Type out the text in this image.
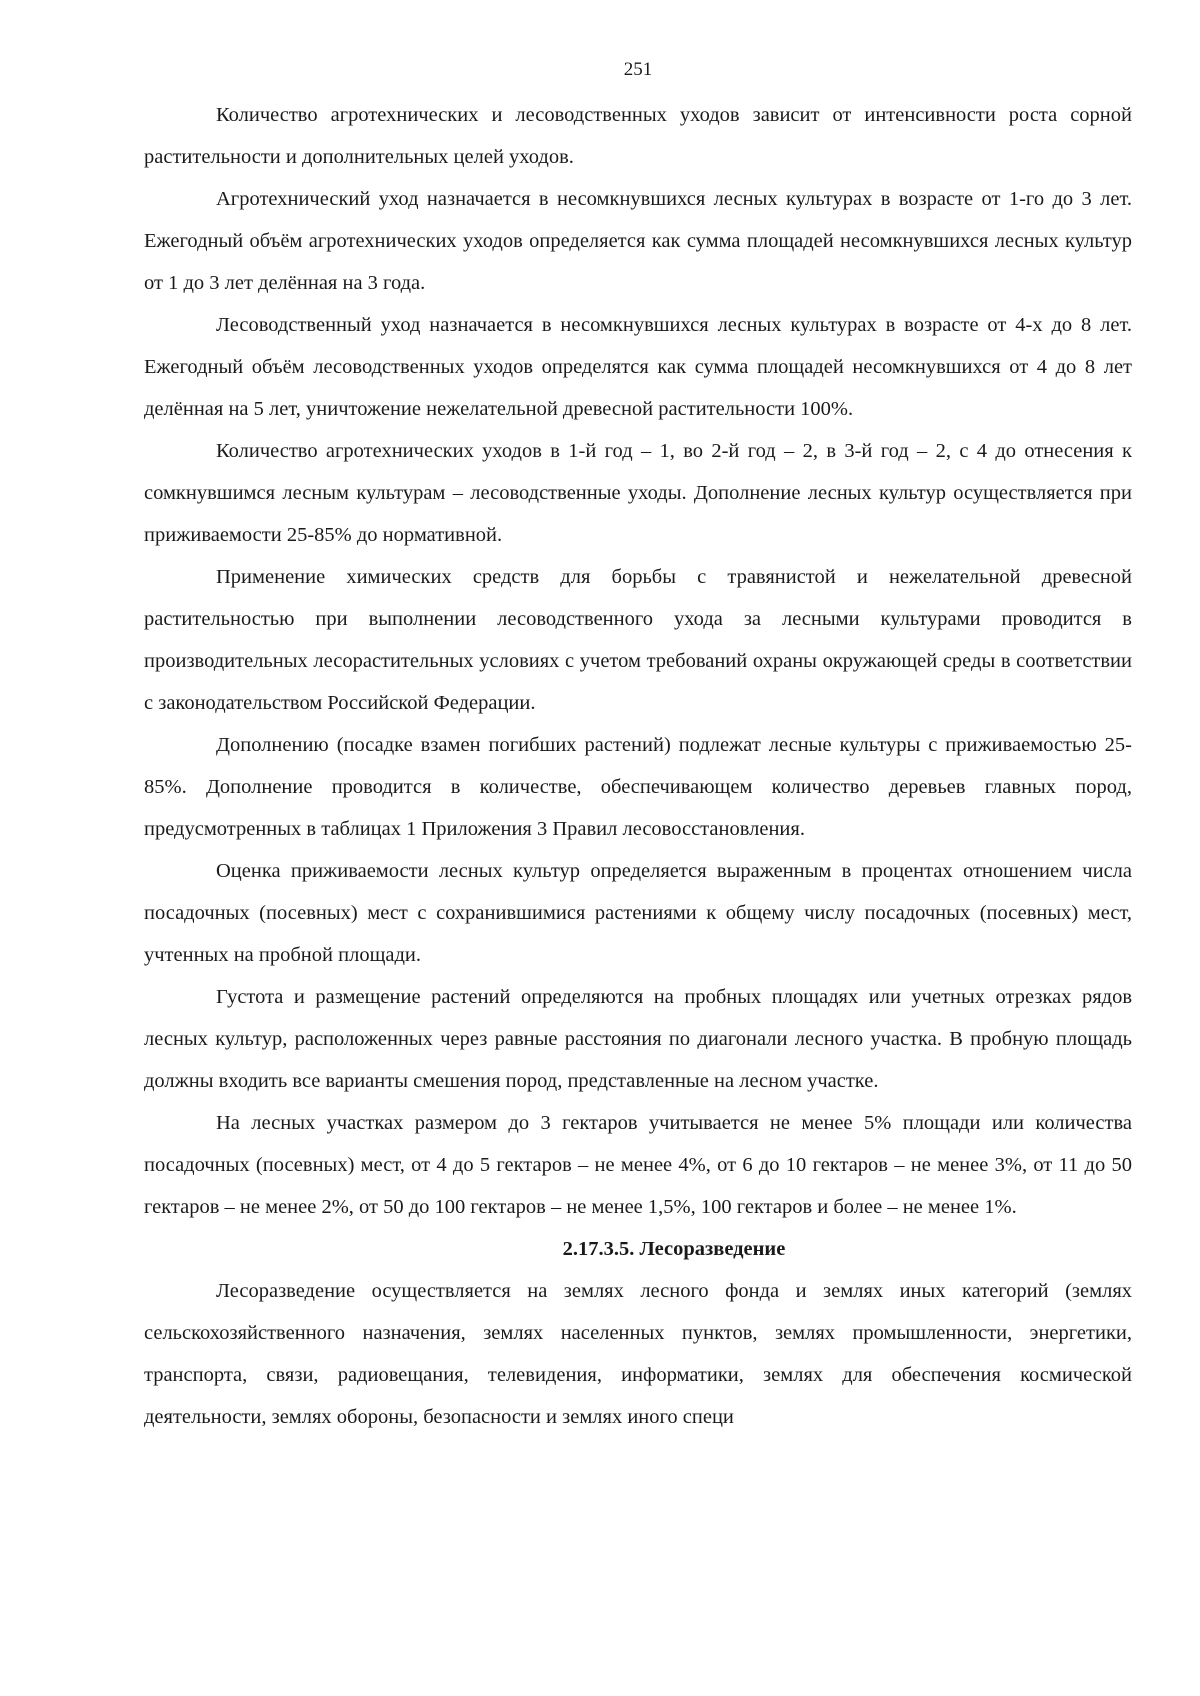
251

Количество агротехнических и лесоводственных уходов зависит от интенсивности роста сорной растительности и дополнительных целей уходов.

Агротехнический уход назначается в несомкнувшихся лесных культурах в возрасте от 1-го до 3 лет. Ежегодный объём агротехнических уходов определяется как сумма площадей несомкнувшихся лесных культур от 1 до 3 лет делённая на 3 года.

Лесоводственный уход назначается в несомкнувшихся лесных культурах в возрасте от 4-х до 8 лет. Ежегодный объём лесоводственных уходов определятся как сумма площадей несомкнувшихся от 4 до 8 лет делённая на 5 лет, уничтожение нежелательной древесной растительности 100%.

Количество агротехнических уходов в 1-й год – 1, во 2-й год – 2, в 3-й год – 2, с 4 до отнесения к сомкнувшимся лесным культурам – лесоводственные уходы. Дополнение лесных культур осуществляется при приживаемости 25-85% до нормативной.

Применение химических средств для борьбы с травянистой и нежелательной древесной растительностью при выполнении лесоводственного ухода за лесными культурами проводится в производительных лесорастительных условиях с учетом требований охраны окружающей среды в соответствии с законодательством Российской Федерации.

Дополнению (посадке взамен погибших растений) подлежат лесные культуры с приживаемостью 25-85%. Дополнение проводится в количестве, обеспечивающем количество деревьев главных пород, предусмотренных в таблицах 1 Приложения 3 Правил лесовосстановления.

Оценка приживаемости лесных культур определяется выраженным в процентах отношением числа посадочных (посевных) мест с сохранившимися растениями к общему числу посадочных (посевных) мест, учтенных на пробной площади.

Густота и размещение растений определяются на пробных площадях или учетных отрезках рядов лесных культур, расположенных через равные расстояния по диагонали лесного участка. В пробную площадь должны входить все варианты смешения пород, представленные на лесном участке.

На лесных участках размером до 3 гектаров учитывается не менее 5% площади или количества посадочных (посевных) мест, от 4 до 5 гектаров – не менее 4%, от 6 до 10 гектаров – не менее 3%, от 11 до 50 гектаров – не менее 2%, от 50 до 100 гектаров – не менее 1,5%, 100 гектаров и более – не менее 1%.

2.17.3.5. Лесоразведение

Лесоразведение осуществляется на землях лесного фонда и землях иных категорий (землях сельскохозяйственного назначения, землях населенных пунктов, землях промышленности, энергетики, транспорта, связи, радиовещания, телевидения, информатики, землях для обеспечения космической деятельности, землях обороны, безопасности и землях иного специ
